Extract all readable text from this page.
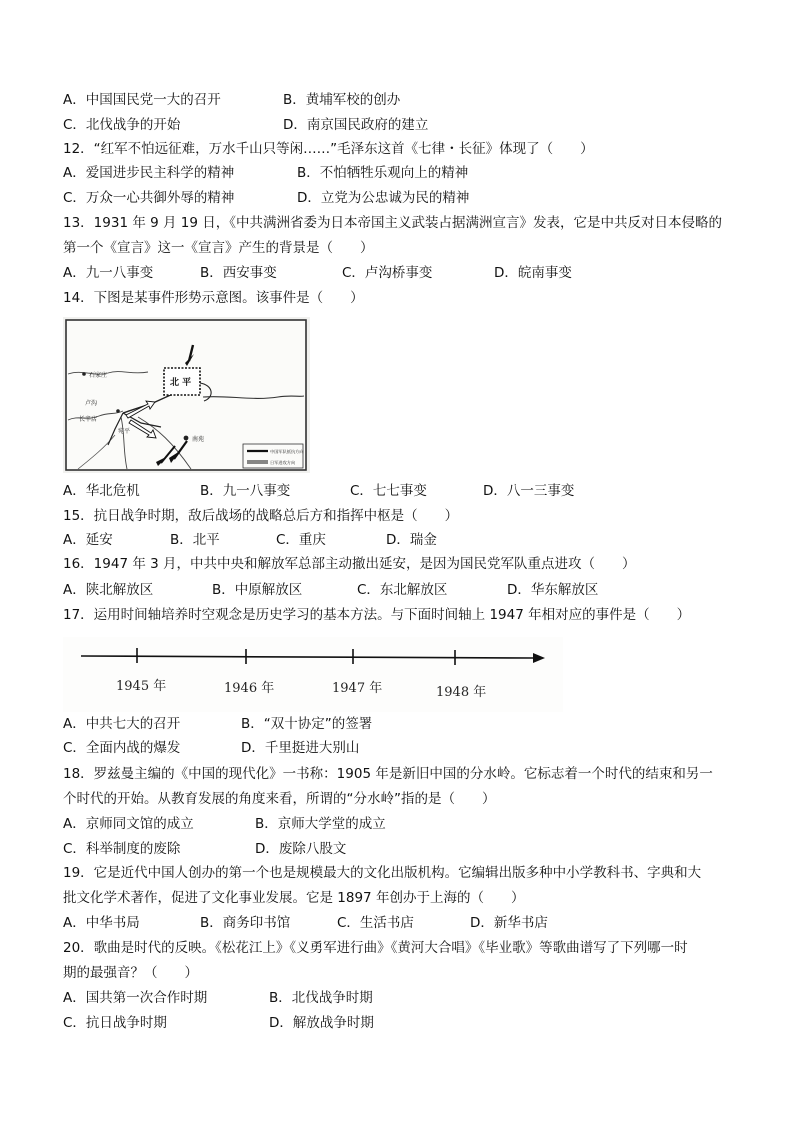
A．中国国民党一大的召开	B．黄埔军校的创办
C．北伐战争的开始	D．南京国民政府的建立
12．“红军不怕远征难，万水千山只等闲……”毛泽东这首《七律・长征》体现了（　　）
A．爱国进步民主科学的精神	B．不怕牺牲乐观向上的精神
C．万众一心共御外辱的精神	D．立党为公忠诚为民的精神
13．1931 年 9 月 19 日，《中共满洲省委为日本帝国主义武装占据满洲宣言》发表，它是中共反对日本侵略的
第一个《宣言》这一《宣言》产生的背景是（　　）
A．九一八事变	B．西安事变	C．卢沟桥事变	D．皖南事变
14．下图是某事件形势示意图。该事件是（　　）
石家庄
卢沟
长辛店
宛平
南苑
北 平
中国军队抵抗方向
日军进攻方向
A．华北危机	B．九一八事变	C．七七事变	D．八一三事变
15．抗日战争时期，敌后战场的战略总后方和指挥中枢是（　　）
A．延安	B．北平	C．重庆	D．瑞金
16．1947 年 3 月，中共中央和解放军总部主动撤出延安，是因为国民党军队重点进攻（　　）
A．陕北解放区	B．中原解放区	C．东北解放区	D．华东解放区
17．运用时间轴培养时空观念是历史学习的基本方法。与下面时间轴上 1947 年相对应的事件是（　　）
1945 年	1946 年	1947 年	1948 年
A．中共七大的召开	B．“双十协定”的签署
C．全面内战的爆发	D．千里挺进大别山
18．罗兹曼主编的《中国的现代化》一书称：1905 年是新旧中国的分水岭。它标志着一个时代的结束和另一
个时代的开始。从教育发展的角度来看，所谓的“分水岭”指的是（　　）
A．京师同文馆的成立	B．京师大学堂的成立
C．科举制度的废除	D．废除八股文
19．它是近代中国人创办的第一个也是规模最大的文化出版机构。它编辑出版多种中小学教科书、字典和大
批文化学术著作，促进了文化事业发展。它是 1897 年创办于上海的（　　）
A．中华书局	B．商务印书馆	C．生活书店	D．新华书店
20．歌曲是时代的反映。《松花江上》《义勇军进行曲》《黄河大合唱》《毕业歌》等歌曲谱写了下列哪一时
期的最强音？（　　）
A．国共第一次合作时期	B．北伐战争时期
C．抗日战争时期	D．解放战争时期
